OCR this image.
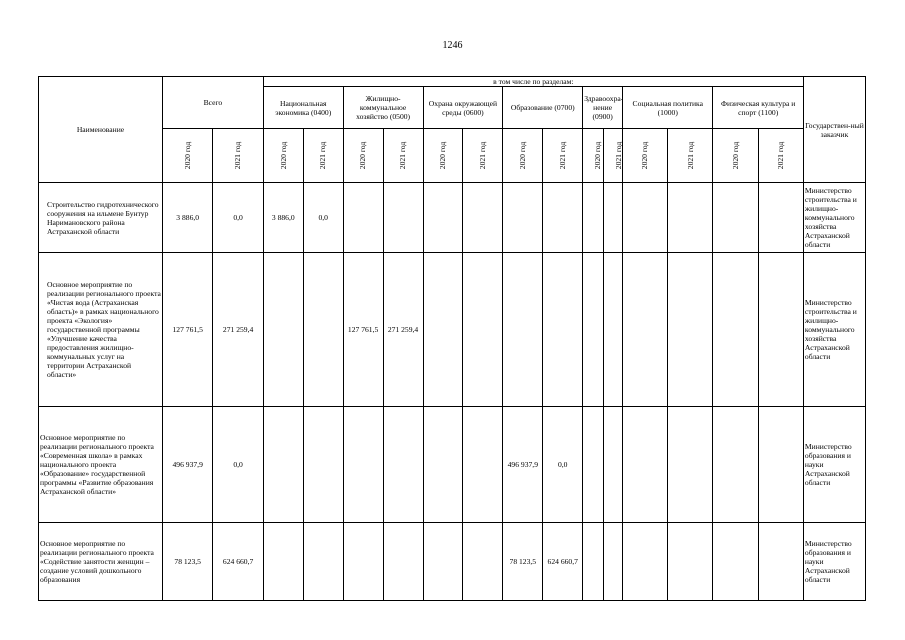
1246
Наименование	Всего		в том числе по разделам:														Государствен-ный заказчик
			Национальная экономика (0400)		Жилищно-коммунальное хозяйство (0500)		Охрана окружающей среды (0600)		Образование (0700)		Здравоохра-нение (0900)		Социальная политика (1000)		Физическая культура и спорт (1100)		
	2020 год	2021 год	2020 год	2021 год	2020 год	2021 год	2020 год	2021 год	2020 год	2021 год	2020 год	2021 год	2020 год	2021 год	2020 год	2021 год	
Строительство гидротехнического сооружения на ильмене Бунтур Наримановского района Астраханской области	3 886,0	0,0	3 886,0	0,0													Министерство строительства и жилищно-коммунального хозяйства Астраханской области
Основное мероприятие по реализации регионального проекта «Чистая вода (Астраханская область)» в рамках национального проекта «Экология» государственной программы «Улучшение качества предоставления жилищно-коммунальных услуг на территории Астраханской области»	127 761,5	271 259,4			127 761,5	271 259,4											Министерство строительства и жилищно-коммунального хозяйства Астраханской области
Основное мероприятие по реализации регионального проекта «Современная школа» в рамках национального проекта «Образование» государственной программы «Развитие образования Астраханской области»	496 937,9	0,0							496 937,9	0,0							Министерство образования и науки Астраханской области
Основное мероприятие по реализации регионального проекта «Содействие занятости женщин – создание условий дошкольного образования	78 123,5	624 660,7							78 123,5	624 660,7							Министерство образования и науки Астраханской области
